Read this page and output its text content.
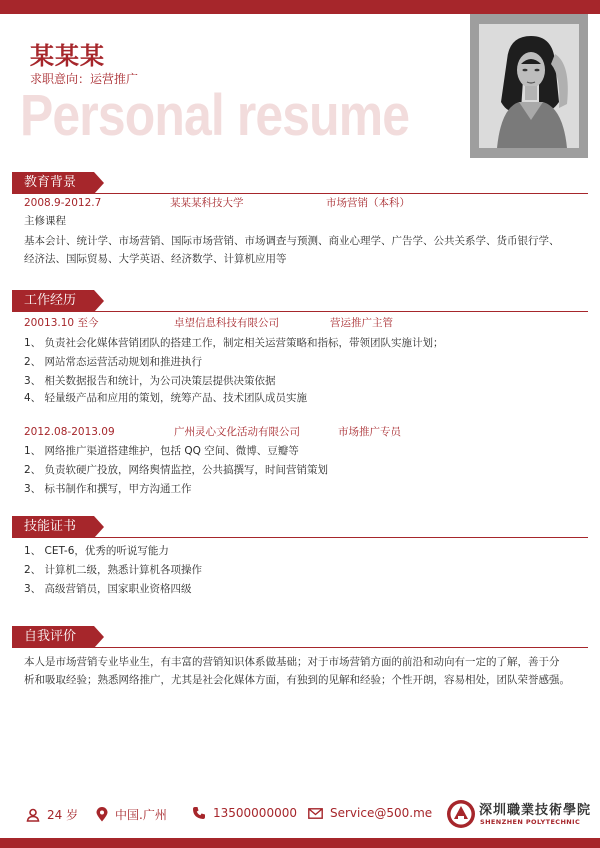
某某某
求职意向：运营推广
Personal resume
教育背景
2008.9-2012.7	某某某科技大学	市场营销（本科）
主修课程
基本会计、统计学、市场营销、国际市场营销、市场调查与预测、商业心理学、广告学、公共关系学、货币银行学、
经济法、国际贸易、大学英语、经济数学、计算机应用等
工作经历
20013.10 至今	卓望信息科技有限公司	营运推广主管
1、 负责社会化媒体营销团队的搭建工作，制定相关运营策略和指标，带领团队实施计划；
2、 网站常态运营活动规划和推进执行
3、 相关数据报告和统计，为公司决策层提供决策依据
4、 轻量级产品和应用的策划，统筹产品、技术团队成员实施
2012.08-2013.09	广州灵心文化活动有限公司	市场推广专员
1、 网络推广渠道搭建维护，包括 QQ 空间、微博、豆瓣等
2、 负责软硬广投放，网络舆情监控，公共搞撰写，时间营销策划
3、 标书制作和撰写，甲方沟通工作
技能证书
1、 CET-6，优秀的听说写能力
2、 计算机二级，熟悉计算机各项操作
3、 高级营销员，国家职业资格四级
自我评价
本人是市场营销专业毕业生，有丰富的营销知识体系做基础；对于市场营销方面的前沿和动向有一定的了解，善于分
析和吸取经验；熟悉网络推广，尤其是社会化媒体方面，有独到的见解和经验；个性开朗，容易相处，团队荣誉感强。
24 岁	中国.广州	13500000000	Service@500.me	深圳職業技術學院
SHENZHEN POLYTECHNIC
